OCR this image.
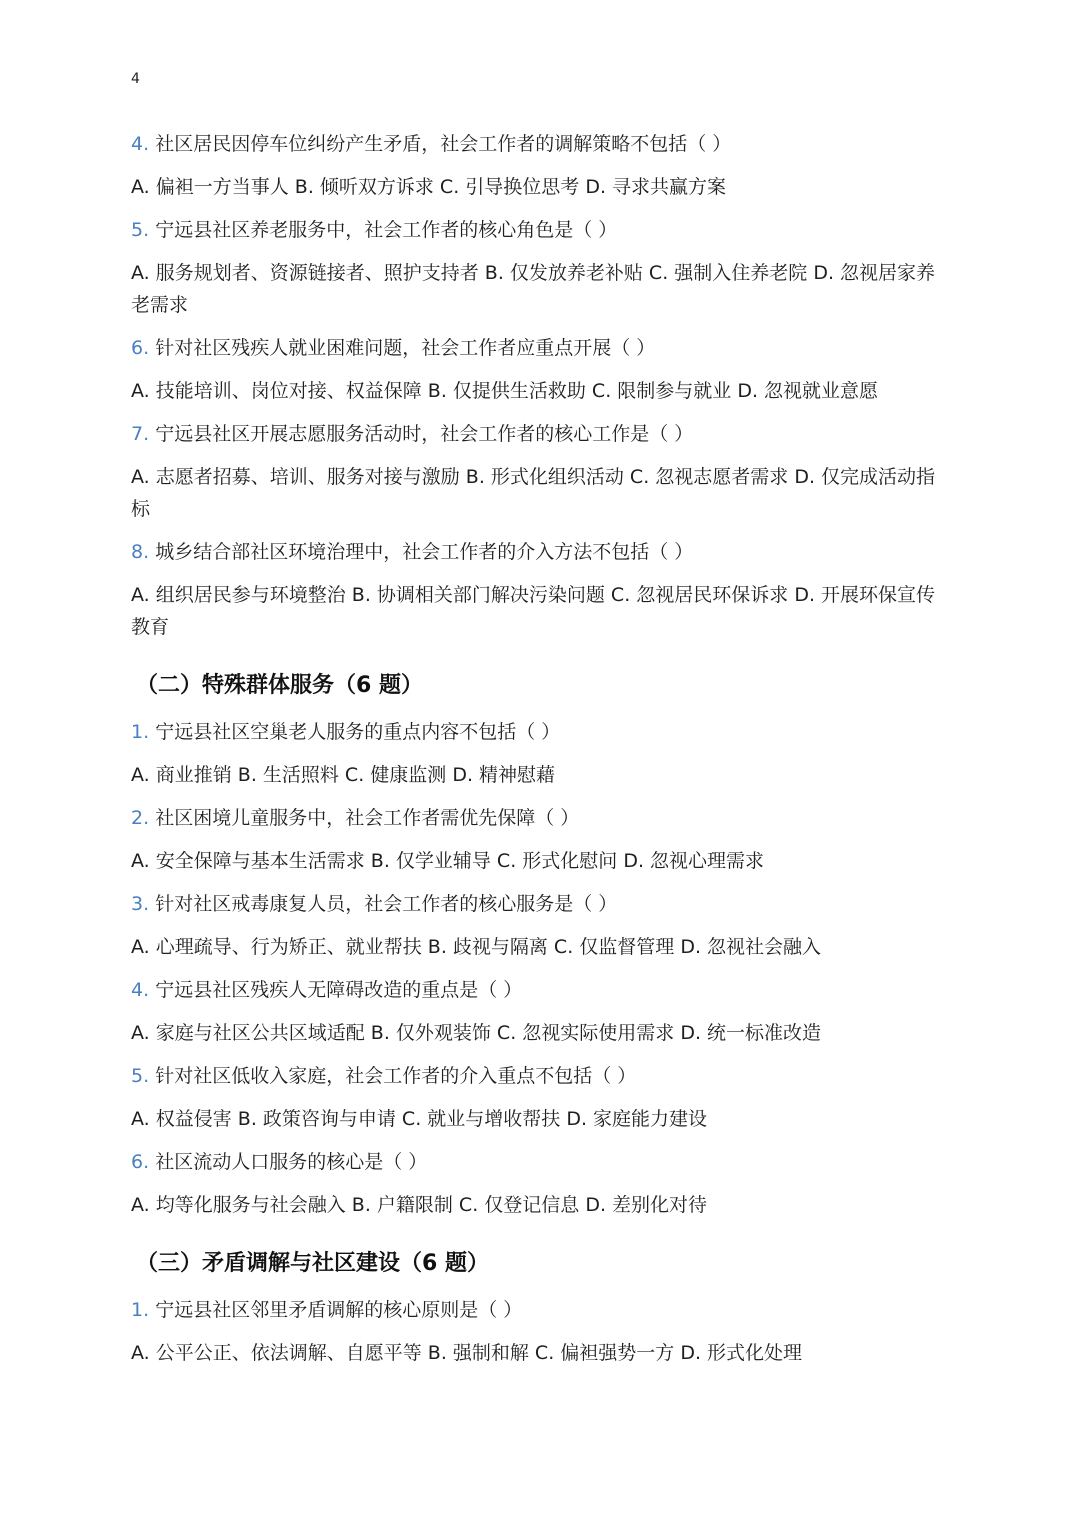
4
4. 社区居民因停车位纠纷产生矛盾，社会工作者的调解策略不包括（ ）
A. 偏袒一方当事人 B. 倾听双方诉求 C. 引导换位思考 D. 寻求共赢方案
5. 宁远县社区养老服务中，社会工作者的核心角色是（ ）
A. 服务规划者、资源链接者、照护支持者 B. 仅发放养老补贴 C. 强制入住养老院 D. 忽视居家养老需求
6. 针对社区残疾人就业困难问题，社会工作者应重点开展（ ）
A. 技能培训、岗位对接、权益保障 B. 仅提供生活救助 C. 限制参与就业 D. 忽视就业意愿
7. 宁远县社区开展志愿服务活动时，社会工作者的核心工作是（ ）
A. 志愿者招募、培训、服务对接与激励 B. 形式化组织活动 C. 忽视志愿者需求 D. 仅完成活动指标
8. 城乡结合部社区环境治理中，社会工作者的介入方法不包括（ ）
A. 组织居民参与环境整治 B. 协调相关部门解决污染问题 C. 忽视居民环保诉求 D. 开展环保宣传教育
（二）特殊群体服务（6 题）
1. 宁远县社区空巢老人服务的重点内容不包括（ ）
A. 商业推销 B. 生活照料 C. 健康监测 D. 精神慰藉
2. 社区困境儿童服务中，社会工作者需优先保障（ ）
A. 安全保障与基本生活需求 B. 仅学业辅导 C. 形式化慰问 D. 忽视心理需求
3. 针对社区戒毒康复人员，社会工作者的核心服务是（ ）
A. 心理疏导、行为矫正、就业帮扶 B. 歧视与隔离 C. 仅监督管理 D. 忽视社会融入
4. 宁远县社区残疾人无障碍改造的重点是（ ）
A. 家庭与社区公共区域适配 B. 仅外观装饰 C. 忽视实际使用需求 D. 统一标准改造
5. 针对社区低收入家庭，社会工作者的介入重点不包括（ ）
A. 权益侵害 B. 政策咨询与申请 C. 就业与增收帮扶 D. 家庭能力建设
6. 社区流动人口服务的核心是（ ）
A. 均等化服务与社会融入 B. 户籍限制 C. 仅登记信息 D. 差别化对待
（三）矛盾调解与社区建设（6 题）
1. 宁远县社区邻里矛盾调解的核心原则是（ ）
A. 公平公正、依法调解、自愿平等 B. 强制和解 C. 偏袒强势一方 D. 形式化处理
